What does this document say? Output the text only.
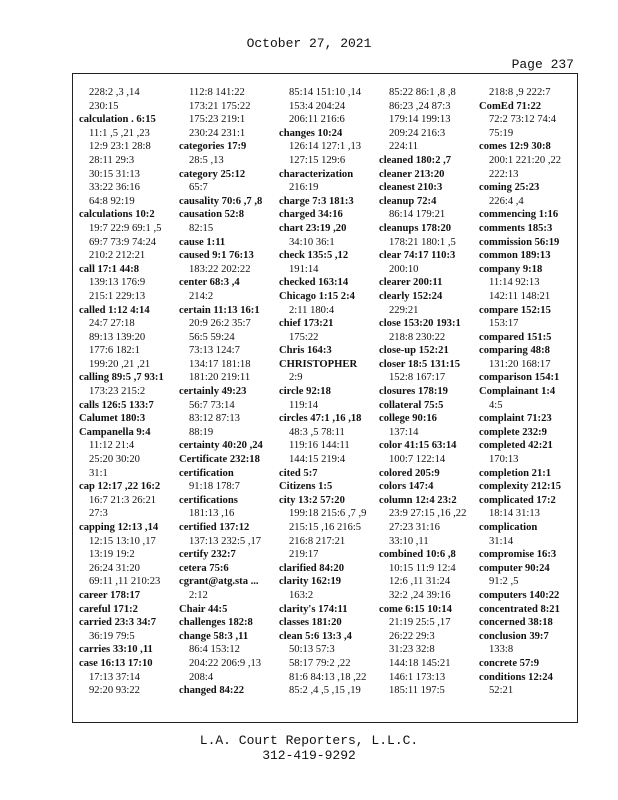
October 27, 2021
Page 237
228:2 ,3 ,14
230:15
calculation . 6:15
11:1 ,5 ,21 ,23
12:9 23:1 28:8
28:11 29:3
30:15 31:13
33:22 36:16
64:8 92:19
calculations 10:2
19:7 22:9 69:1 ,5
69:7 73:9 74:24
210:2 212:21
call 17:1 44:8
139:13 176:9
215:1 229:13
called 1:12 4:14
24:7 27:18
89:13 139:20
177:6 182:1
199:20 ,21 ,21
calling 89:5 ,7 93:1
173:23 215:2
calls 126:5 133:7
Calumet 180:3
Campanella 9:4
11:12 21:4
25:20 30:20
31:1
cap 12:17 ,22 16:2
16:7 21:3 26:21
27:3
capping 12:13 ,14
12:15 13:10 ,17
13:19 19:2
26:24 31:20
69:11 ,11 210:23
career 178:17
careful 171:2
carried 23:3 34:7
36:19 79:5
carries 33:10 ,11
case 16:13 17:10
17:13 37:14
92:20 93:22
112:8 141:22
173:21 175:22
175:23 219:1
230:24 231:1
categories 17:9
28:5 ,13
category 25:12
65:7
causality 70:6 ,7 ,8
causation 52:8
82:15
cause 1:11
caused 9:1 76:13
183:22 202:22
center 68:3 ,4
214:2
certain 11:13 16:1
20:9 26:2 35:7
56:5 59:24
73:13 124:7
134:17 181:18
181:20 219:11
certainly 49:23
56:7 73:14
83:12 87:13
88:19
certainty 40:20 ,24
Certificate 232:18
certification
91:18 178:7
certifications
181:13 ,16
certified 137:12
137:13 232:5 ,17
certify 232:7
cetera 75:6
cgrant@atg.sta ...
2:12
Chair 44:5
challenges 182:8
change 58:3 ,11
86:4 153:12
204:22 206:9 ,13
208:4
changed 84:22
85:14 151:10 ,14
153:4 204:24
206:11 216:6
changes 10:24
126:14 127:1 ,13
127:15 129:6
characterization
216:19
charge 7:3 181:3
charged 34:16
chart 23:19 ,20
34:10 36:1
check 135:5 ,12
191:14
checked 163:14
Chicago 1:15 2:4
2:11 180:4
chief 173:21
175:22
Chris 164:3
CHRISTOPHER
2:9
circle 92:18
119:14
circles 47:1 ,16 ,18
48:3 ,5 78:11
119:16 144:11
144:15 219:4
cited 5:7
Citizens 1:5
city 13:2 57:20
199:18 215:6 ,7 ,9
215:15 ,16 216:5
216:8 217:21
219:17
clarified 84:20
clarity 162:19
163:2
clarity's 174:11
classes 181:20
clean 5:6 13:3 ,4
50:13 57:3
58:17 79:2 ,22
81:6 84:13 ,18 ,22
85:2 ,4 ,5 ,15 ,19
85:22 86:1 ,8 ,8
86:23 ,24 87:3
179:14 199:13
209:24 216:3
224:11
cleaned 180:2 ,7
cleaner 213:20
cleanest 210:3
cleanup 72:4
86:14 179:21
cleanups 178:20
178:21 180:1 ,5
clear 74:17 110:3
200:10
clearer 200:11
clearly 152:24
229:21
close 153:20 193:1
218:8 230:22
close-up 152:21
closer 18:5 131:15
152:8 167:17
closures 178:19
collateral 75:5
college 90:16
137:14
color 41:15 63:14
100:7 122:14
colored 205:9
colors 147:4
column 12:4 23:2
23:9 27:15 ,16 ,22
27:23 31:16
33:10 ,11
combined 10:6 ,8
10:15 11:9 12:4
12:6 ,11 31:24
32:2 ,24 39:16
come 6:15 10:14
21:19 25:5 ,17
26:22 29:3
31:23 32:8
144:18 145:21
146:1 173:13
185:11 197:5
218:8 ,9 222:7
ComEd 71:22
72:2 73:12 74:4
75:19
comes 12:9 30:8
200:1 221:20 ,22
222:13
coming 25:23
226:4 ,4
commencing 1:16
comments 185:3
commission 56:19
common 189:13
company 9:18
11:14 92:13
142:11 148:21
compare 152:15
153:17
compared 151:5
comparing 48:8
131:20 168:17
comparison 154:1
Complainant 1:4
4:5
complaint 71:23
complete 232:9
completed 42:21
170:13
completion 21:1
complexity 212:15
complicated 17:2
18:14 31:13
complication
31:14
compromise 16:3
computer 90:24
91:2 ,5
computers 140:22
concentrated 8:21
concerned 38:18
conclusion 39:7
133:8
concrete 57:9
conditions 12:24
52:21
L.A. Court Reporters, L.L.C.
312-419-9292
